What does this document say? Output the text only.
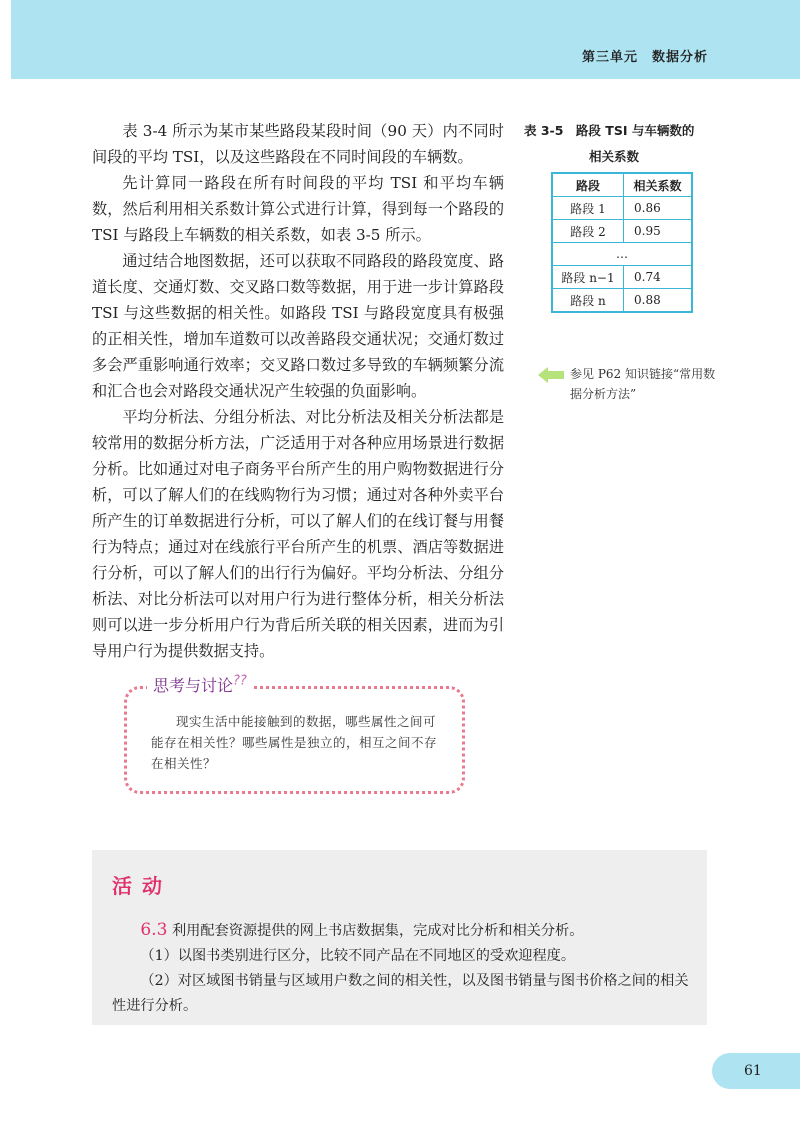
第三单元　数据分析

表 3-4 所示为某市某些路段某段时间（90 天）内不同时间段的平均 TSI，以及这些路段在不同时间段的车辆数。

先计算同一路段在所有时间段的平均 TSI 和平均车辆数，然后利用相关系数计算公式进行计算，得到每一个路段的 TSI 与路段上车辆数的相关系数，如表 3-5 所示。

通过结合地图数据，还可以获取不同路段的路段宽度、路道长度、交通灯数、交叉路口数等数据，用于进一步计算路段 TSI 与这些数据的相关性。如路段 TSI 与路段宽度具有极强的正相关性，增加车道数可以改善路段交通状况；交通灯数过多会严重影响通行效率；交叉路口数过多导致的车辆频繁分流和汇合也会对路段交通状况产生较强的负面影响。

平均分析法、分组分析法、对比分析法及相关分析法都是较常用的数据分析方法，广泛适用于对各种应用场景进行数据分析。比如通过对电子商务平台所产生的用户购物数据进行分析，可以了解人们的在线购物行为习惯；通过对各种外卖平台所产生的订单数据进行分析，可以了解人们的在线订餐与用餐行为特点；通过对在线旅行平台所产生的机票、酒店等数据进行分析，可以了解人们的出行行为偏好。平均分析法、分组分析法、对比分析法可以对用户行为进行整体分析，相关分析法则可以进一步分析用户行为背后所关联的相关因素，进而为引导用户行为提供数据支持。

表 3-5　路段 TSI 与车辆数的
相关系数
路段	相关系数
路段 1	0.86
路段 2	0.95
…	
路段 n−1	0.74
路段 n	0.88
参见 P62 知识链接“常用数据分析方法”
思考与讨论??
现实生活中能接触到的数据，哪些属性之间可能存在相关性？哪些属性是独立的，相互之间不存在相关性？
活动

6.3 利用配套资源提供的网上书店数据集，完成对比分析和相关分析。

（1）以图书类别进行区分，比较不同产品在不同地区的受欢迎程度。

（2）对区域图书销量与区域用户数之间的相关性，以及图书销量与图书价格之间的相关性进行分析。

61
